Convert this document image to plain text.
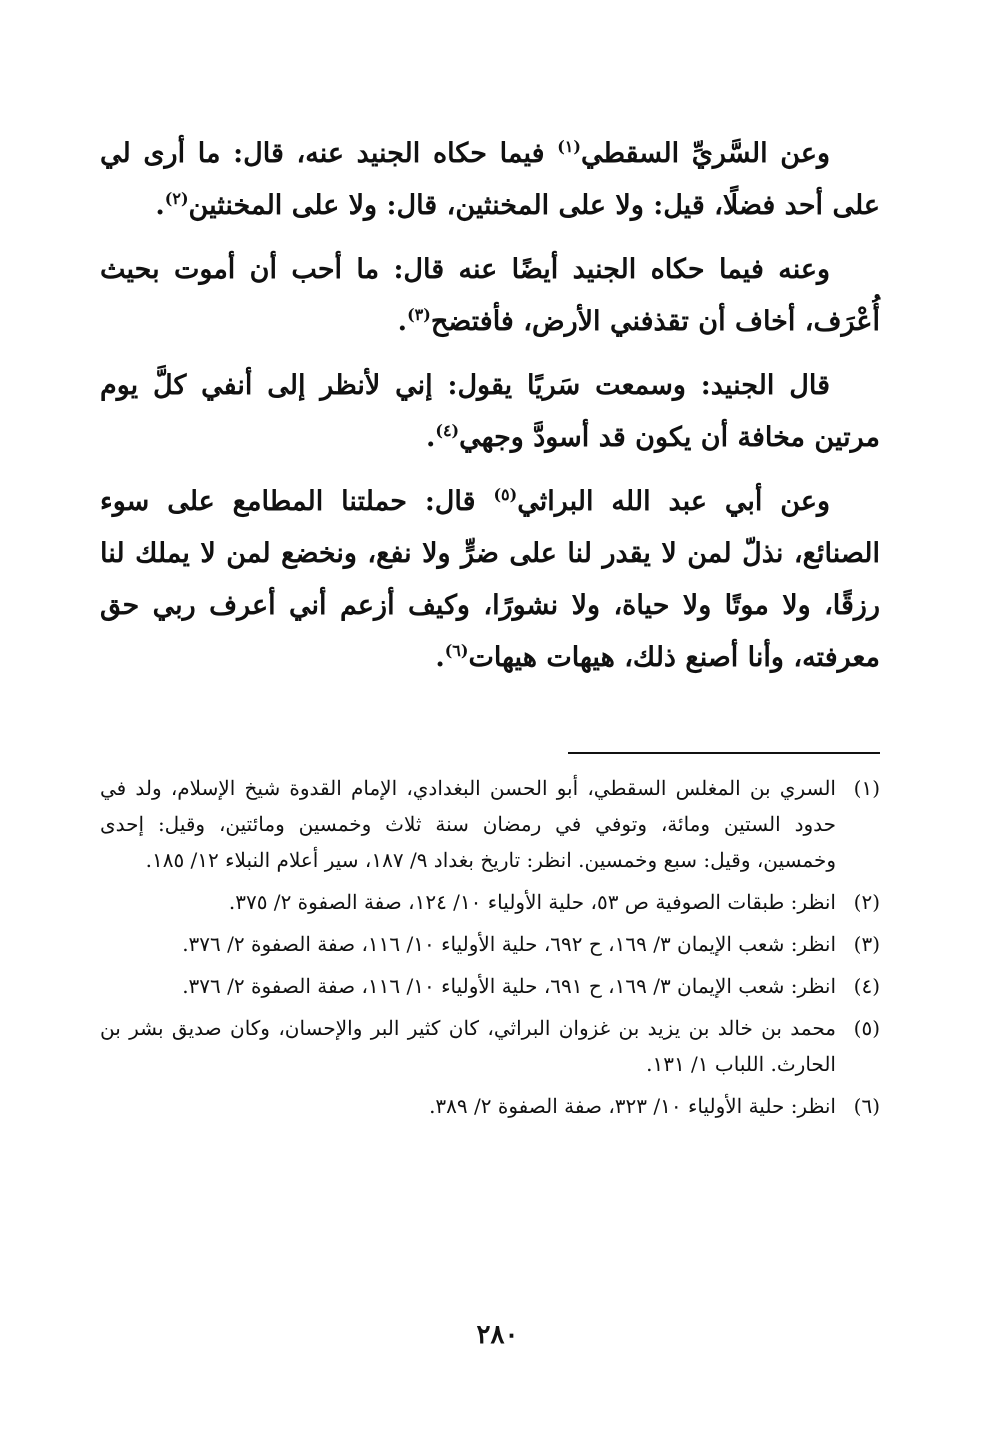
وعن السَّريِّ السقطي$^{(١)}$ فيما حكاه الجنيد عنه، قال: ما أرى لي على أحد فضلًا، قيل: ولا على المخنثين، قال: ولا على المخنثين$^{(٢)}$.

وعنه فيما حكاه الجنيد أيضًا عنه قال: ما أحب أن أموت بحيث أُعْرَف، أخاف أن تقذفني الأرض، فأفتضح$^{(٣)}$.

قال الجنيد: وسمعت سَريًا يقول: إني لأنظر إلى أنفي كلَّ يوم مرتين مخافة أن يكون قد أسودَّ وجهي$^{(٤)}$.

وعن أبي عبد الله البراثي$^{(٥)}$ قال: حملتنا المطامع على سوء الصنائع، نذلّ لمن لا يقدر لنا على ضرٍّ ولا نفع، ونخضع لمن لا يملك لنا رزقًا، ولا موتًا ولا حياة، ولا نشورًا، وكيف أزعم أني أعرف ربي حق معرفته، وأنا أصنع ذلك، هيهات هيهات$^{(٦)}$.

(١)
السري بن المغلس السقطي، أبو الحسن البغدادي، الإمام القدوة شيخ الإسلام، ولد في حدود الستين ومائة، وتوفي في رمضان سنة ثلاث وخمسين ومائتين، وقيل: إحدى وخمسين، وقيل: سبع وخمسين. انظر: تاريخ بغداد ٩/ ١٨٧، سير أعلام النبلاء ١٢/ ١٨٥.
(٢)
انظر: طبقات الصوفية ص ٥٣، حلية الأولياء ١٠/ ١٢٤، صفة الصفوة ٢/ ٣٧٥.
(٣)
انظر: شعب الإيمان ٣/ ١٦٩، ح ٦٩٢، حلية الأولياء ١٠/ ١١٦، صفة الصفوة ٢/ ٣٧٦.
(٤)
انظر: شعب الإيمان ٣/ ١٦٩، ح ٦٩١، حلية الأولياء ١٠/ ١١٦، صفة الصفوة ٢/ ٣٧٦.
(٥)
محمد بن خالد بن يزيد بن غزوان البراثي، كان كثير البر والإحسان، وكان صديق بشر بن الحارث. اللباب ١/ ١٣١.
(٦)
انظر: حلية الأولياء ١٠/ ٣٢٣، صفة الصفوة ٢/ ٣٨٩.
٢٨٠
